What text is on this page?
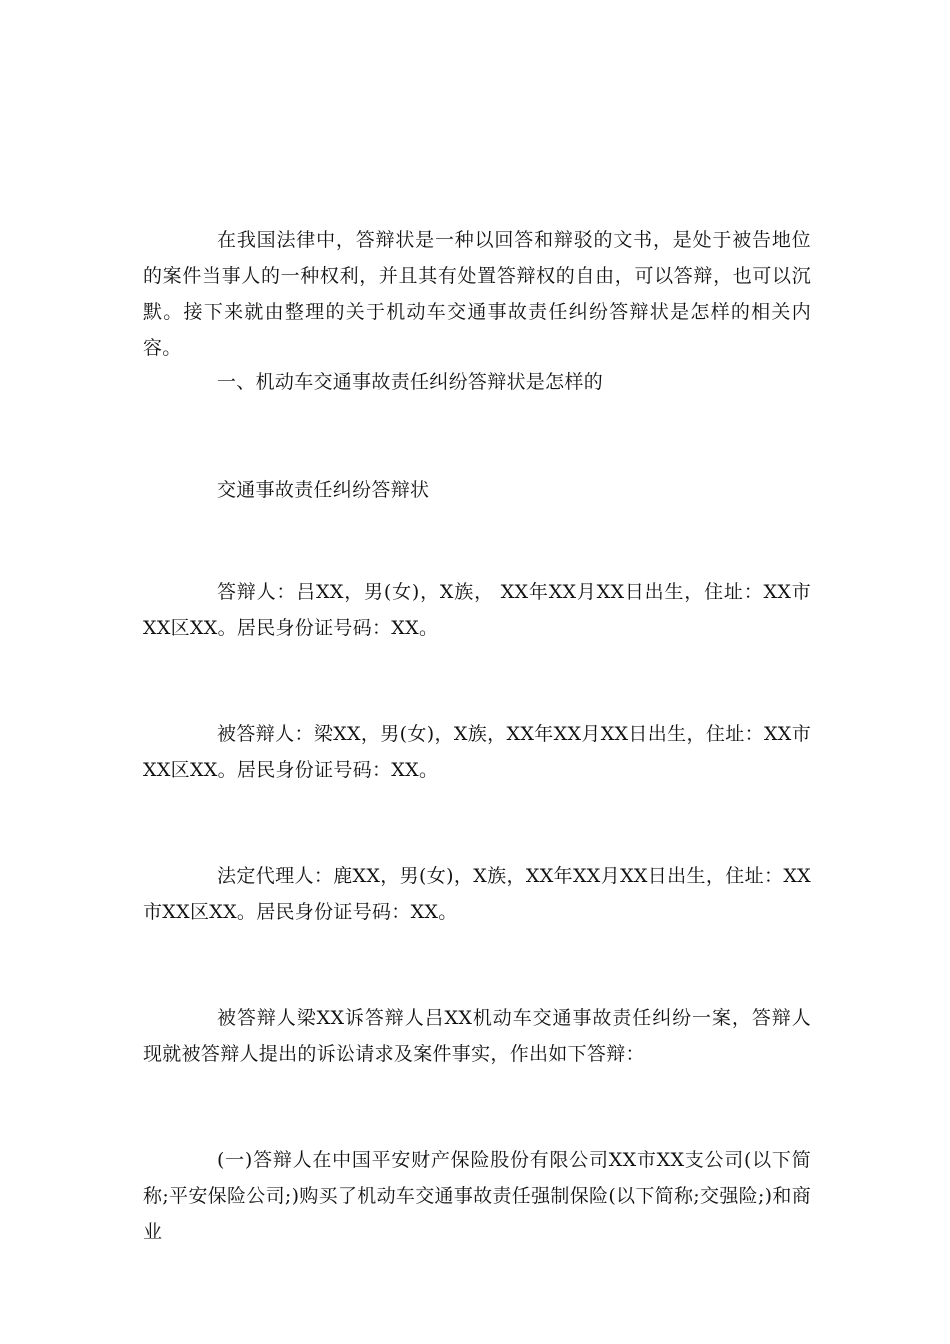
在我国法律中，答辩状是一种以回答和辩驳的文书，是处于被告地位的案件当事人的一种权利，并且其有处置答辩权的自由，可以答辩，也可以沉默。接下来就由整理的关于机动车交通事故责任纠纷答辩状是怎样的相关内容。

一、机动车交通事故责任纠纷答辩状是怎样的

交通事故责任纠纷答辩状

答辩人：吕XX，男(女)，X族， XX年XX月XX日出生，住址：XX市XX区XX。居民身份证号码：XX。

被答辩人：梁XX，男(女)，X族，XX年XX月XX日出生，住址：XX市XX区XX。居民身份证号码：XX。

法定代理人：鹿XX，男(女)，X族，XX年XX月XX日出生，住址：XX市XX区XX。居民身份证号码：XX。

被答辩人梁XX诉答辩人吕XX机动车交通事故责任纠纷一案，答辩人现就被答辩人提出的诉讼请求及案件事实，作出如下答辩：

(一)答辩人在中国平安财产保险股份有限公司XX市XX支公司(以下简称;平安保险公司;)购买了机动车交通事故责任强制保险(以下简称;交强险;)和商业
